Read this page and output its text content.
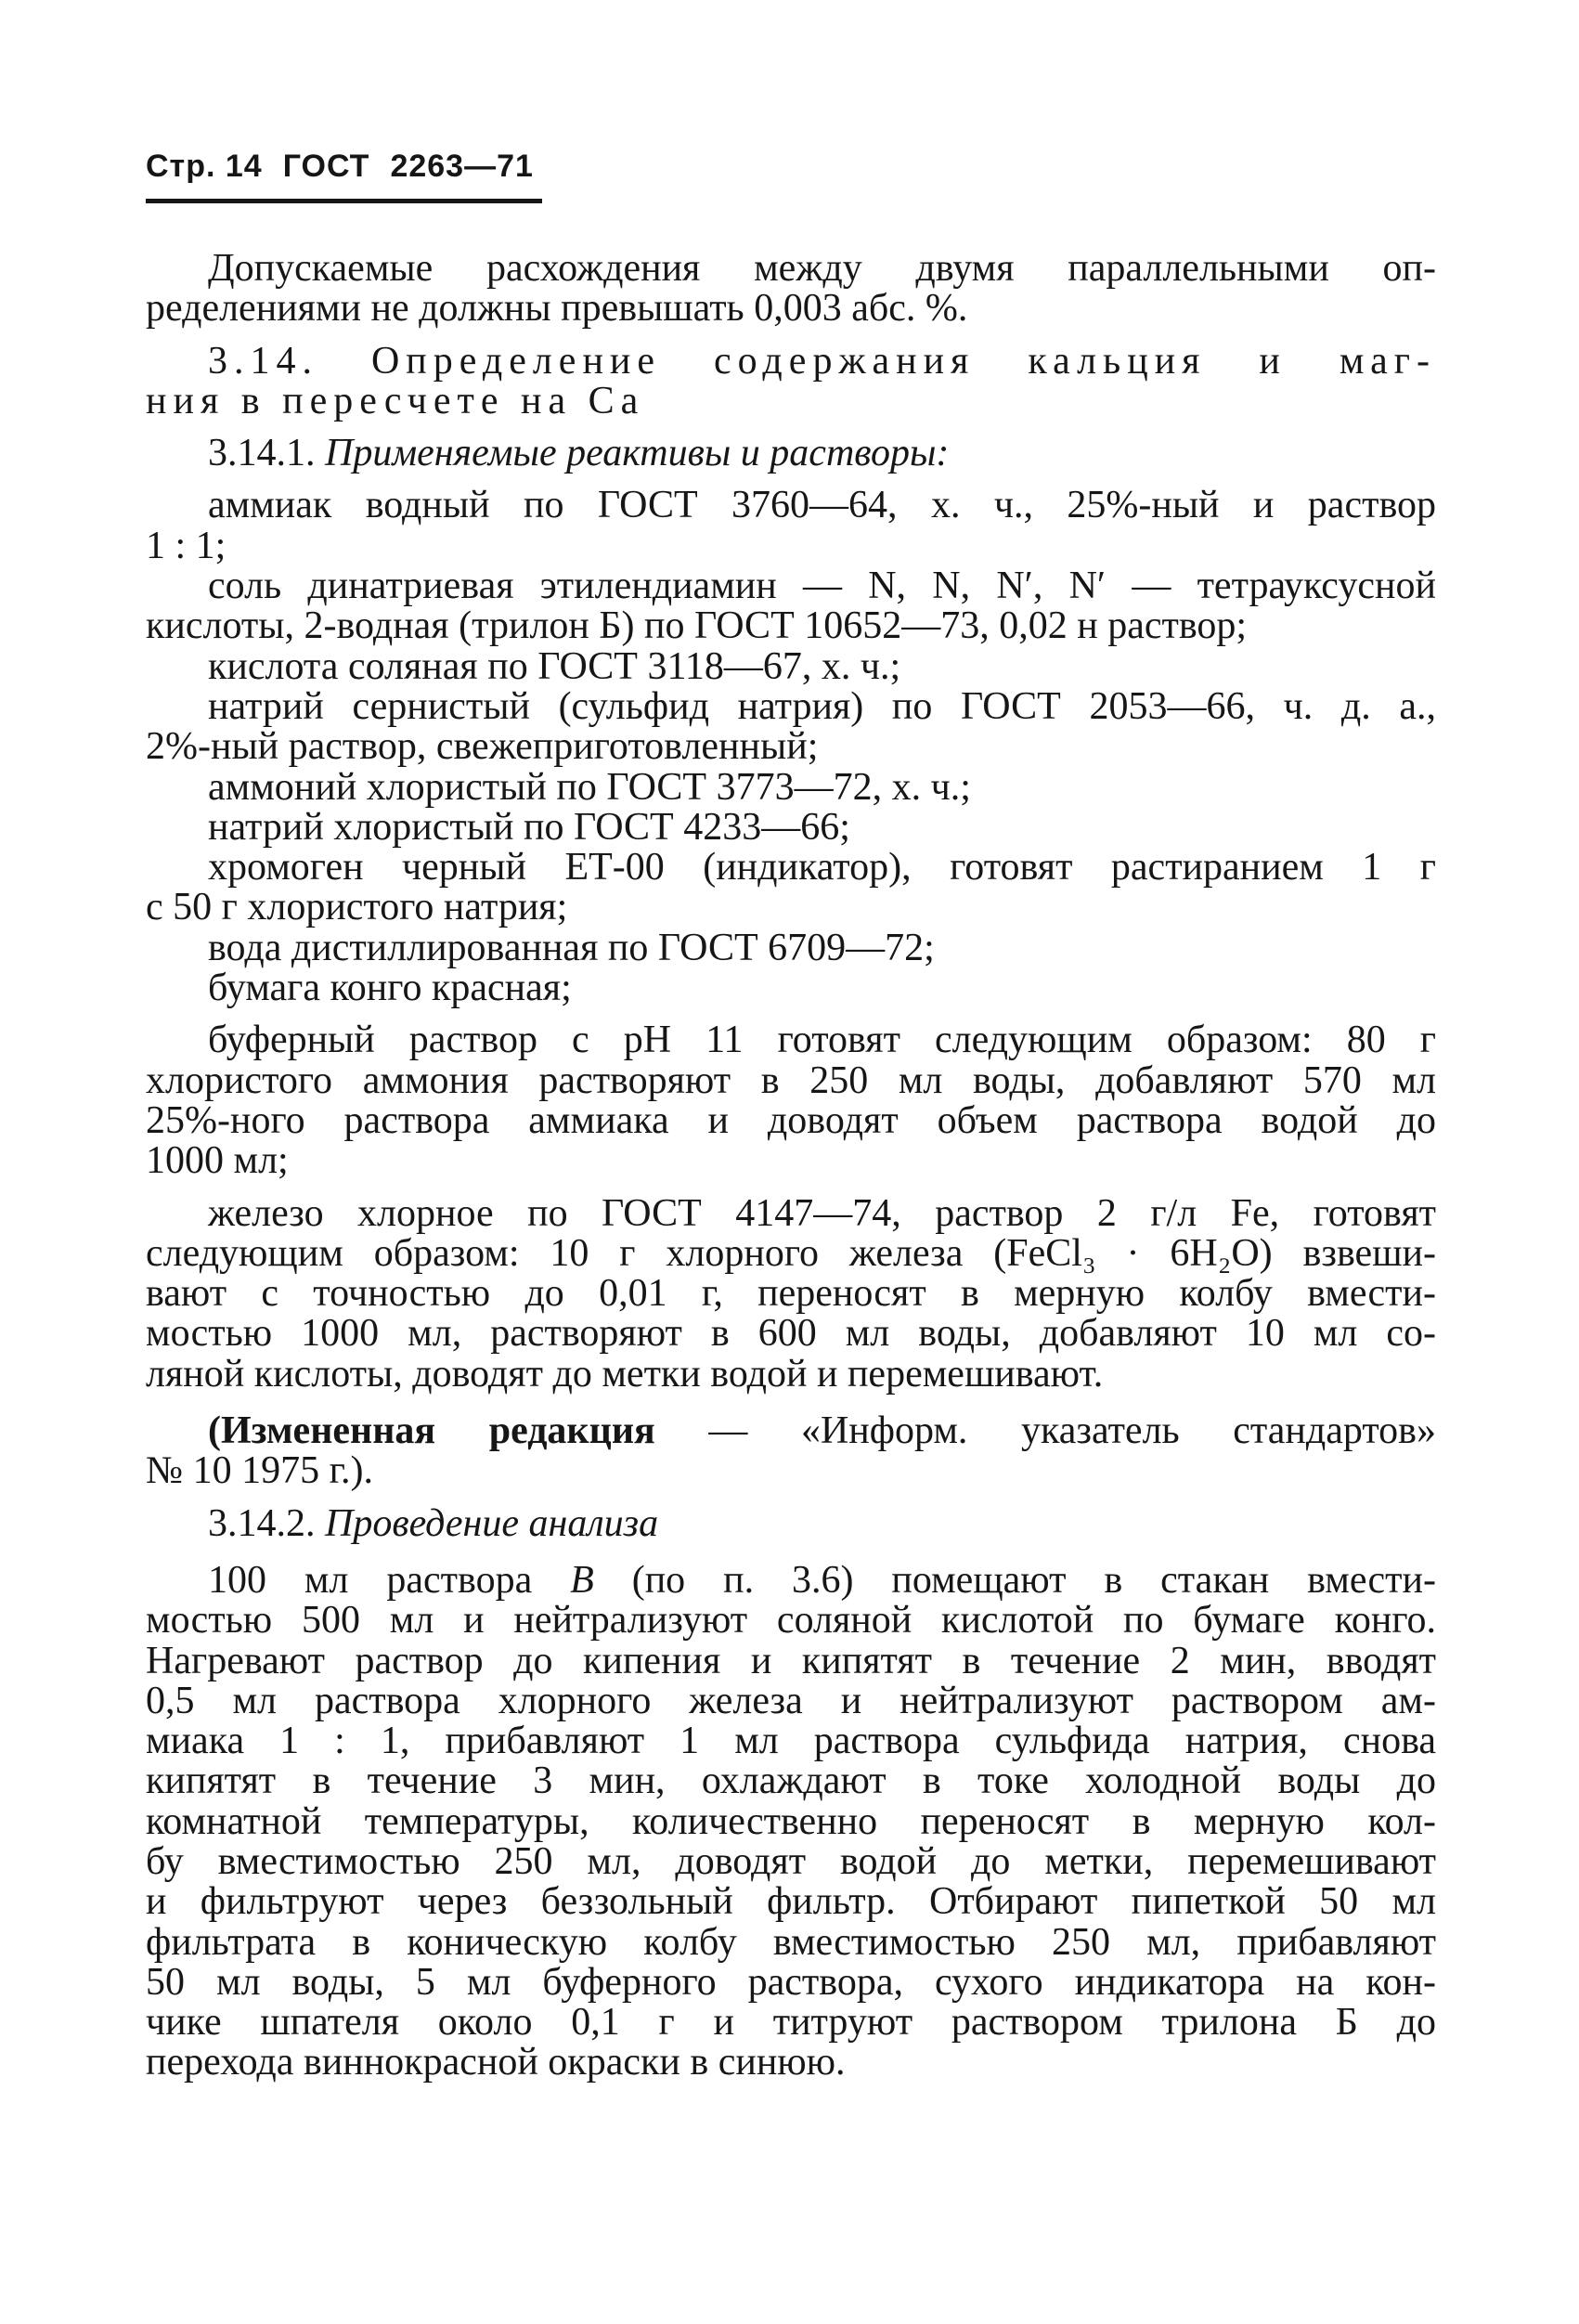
Стр. 14 ГОСТ 2263—71

Допускаемые расхождения между двумя параллельными оп-
ределениями не должны превышать 0,003 абс. %.

3.14. Определение содержания кальция и маг-
ния в пересчете на Ca

3.14.1. Применяемые реактивы и растворы:

аммиак водный по ГОСТ 3760—64, х. ч., 25%-ный и раствор
1 : 1;

соль динатриевая этилендиамин — N, N, N′, N′ — тетрауксусной
кислоты, 2-водная (трилон Б) по ГОСТ 10652—73, 0,02 н раствор;

кислота соляная по ГОСТ 3118—67, х. ч.;

натрий сернистый (сульфид натрия) по ГОСТ 2053—66, ч. д. а.,
2%-ный раствор, свежеприготовленный;

аммоний хлористый по ГОСТ 3773—72, х. ч.;

натрий хлористый по ГОСТ 4233—66;

хромоген черный ЕТ-00 (индикатор), готовят растиранием 1 г
с 50 г хлористого натрия;

вода дистиллированная по ГОСТ 6709—72;

бумага конго красная;

буферный раствор с pH 11 готовят следующим образом: 80 г
хлористого аммония растворяют в 250 мл воды, добавляют 570 мл
25%-ного раствора аммиака и доводят объем раствора водой до
1000 мл;

железо хлорное по ГОСТ 4147—74, раствор 2 г/л Fe, готовят
следующим образом: 10 г хлорного железа (FeCl₃ · 6H₂O) взвеши-
вают с точностью до 0,01 г, переносят в мерную колбу вмести-
мостью 1000 мл, растворяют в 600 мл воды, добавляют 10 мл со-
ляной кислоты, доводят до метки водой и перемешивают.

(Измененная редакция — «Информ. указатель стандартов»
№ 10 1975 г.).

3.14.2. Проведение анализа

100 мл раствора В (по п. 3.6) помещают в стакан вмести-
мостью 500 мл и нейтрализуют соляной кислотой по бумаге конго.
Нагревают раствор до кипения и кипятят в течение 2 мин, вводят
0,5 мл раствора хлорного железа и нейтрализуют раствором ам-
миака 1 : 1, прибавляют 1 мл раствора сульфида натрия, снова
кипятят в течение 3 мин, охлаждают в токе холодной воды до
комнатной температуры, количественно переносят в мерную кол-
бу вместимостью 250 мл, доводят водой до метки, перемешивают
и фильтруют через беззольный фильтр. Отбирают пипеткой 50 мл
фильтрата в коническую колбу вместимостью 250 мл, прибавляют
50 мл воды, 5 мл буферного раствора, сухого индикатора на кон-
чике шпателя около 0,1 г и титруют раствором трилона Б до
перехода виннокрасной окраски в синюю.
